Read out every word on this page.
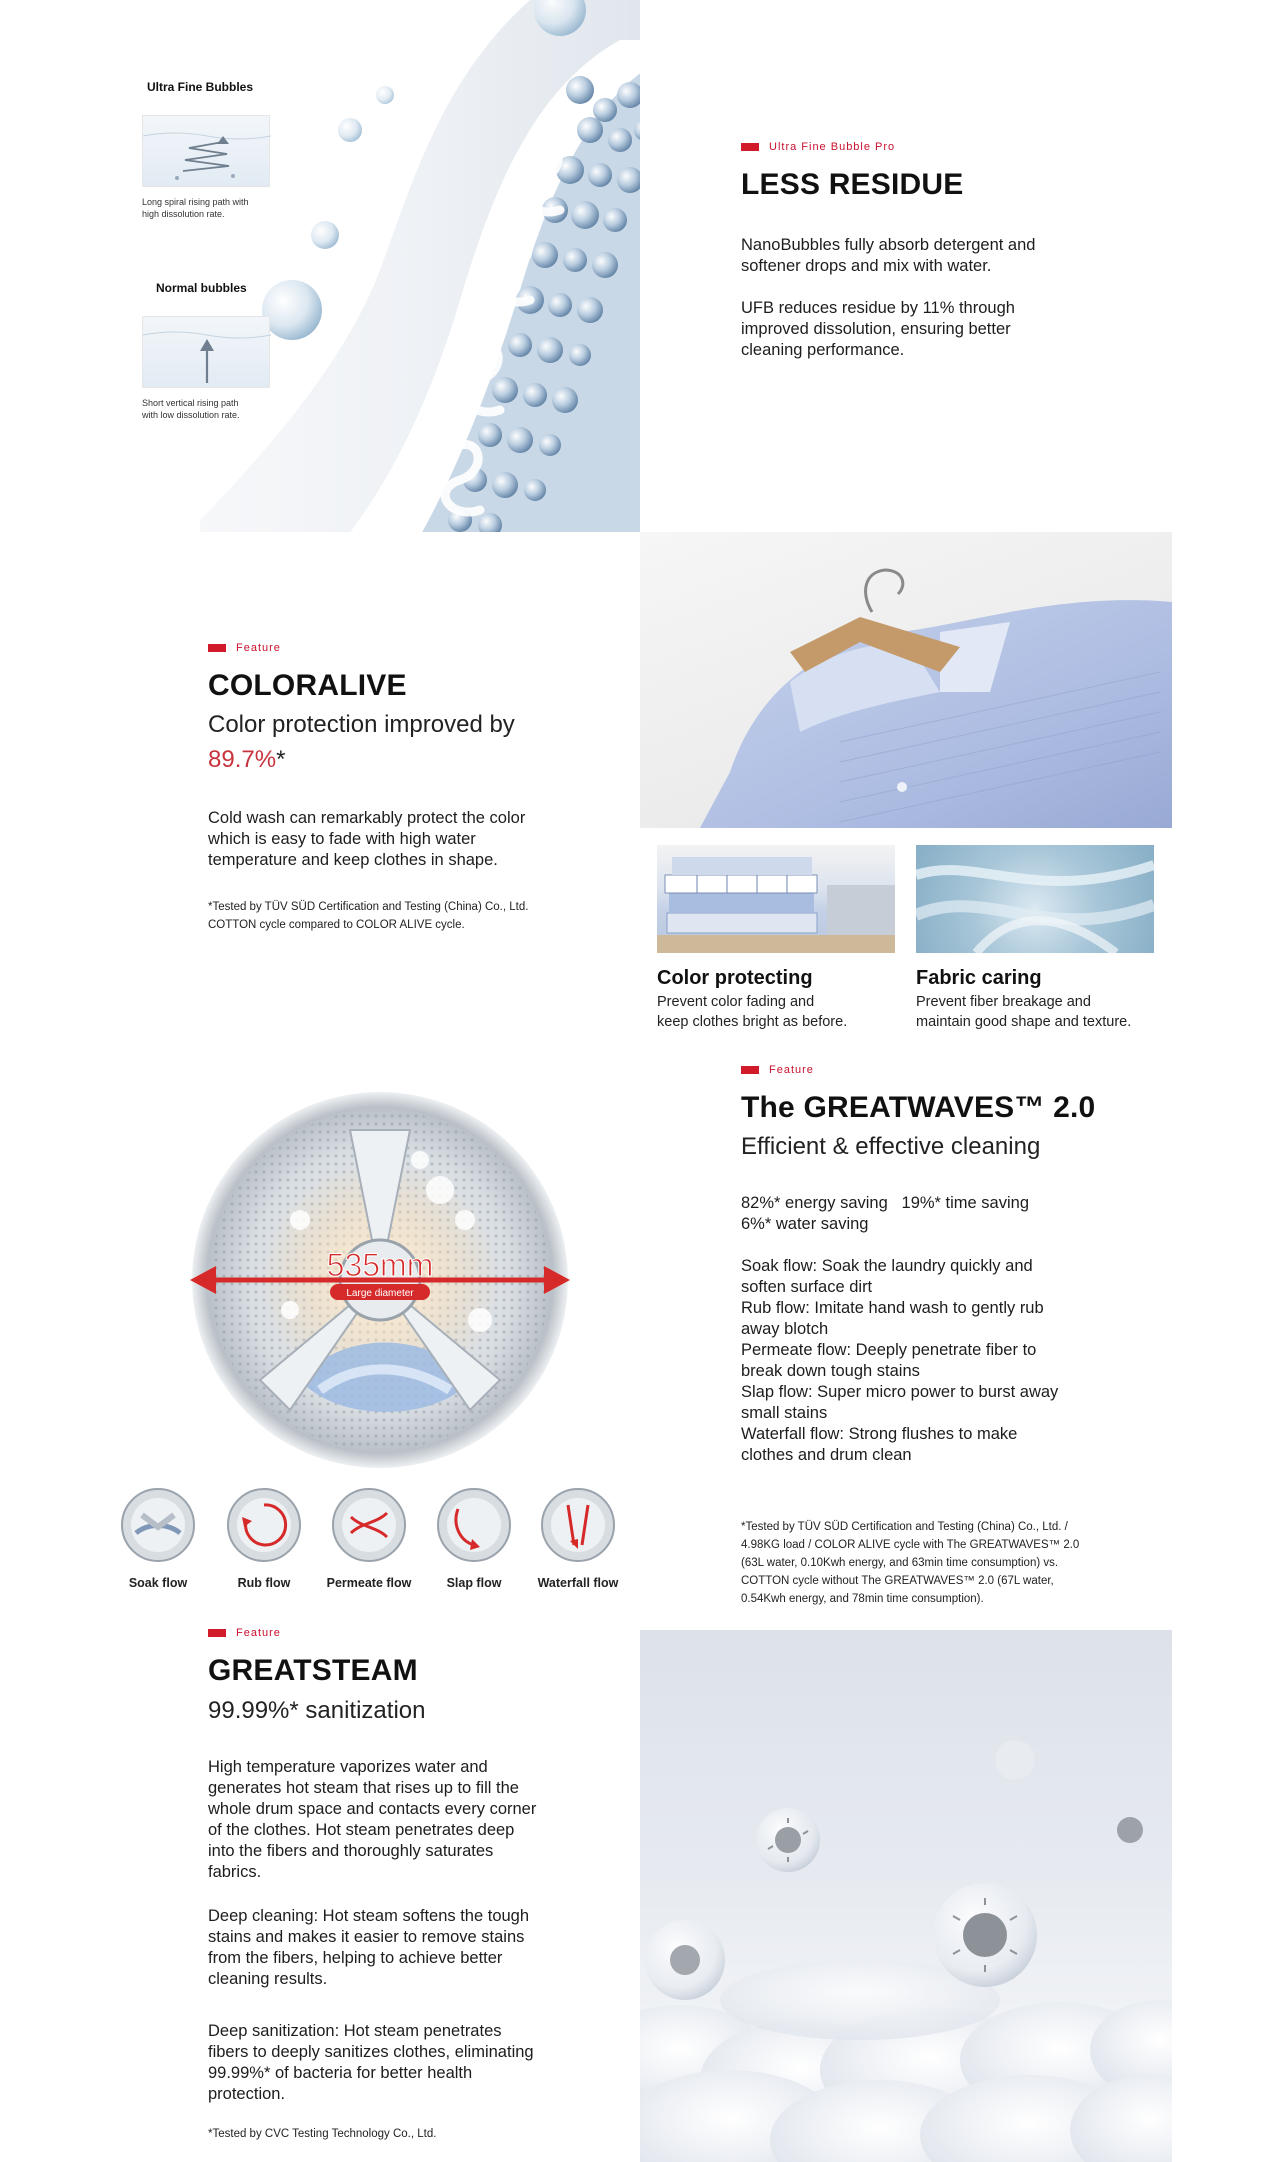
Ultra Fine Bubbles
Long spiral rising path with
high dissolution rate.
Normal bubbles
Short vertical rising path
with low dissolution rate.
Ultra Fine Bubble Pro
LESS RESIDUE
NanoBubbles fully absorb detergent and softener drops and mix with water.
UFB reduces residue by 11% through improved dissolution, ensuring better cleaning performance.
Feature
COLORALIVE
Color protection improved by
89.7%*
Cold wash can remarkably protect the color which is easy to fade with high water temperature and keep clothes in shape.
*Tested by TÜV SÜD Certification and Testing (China) Co., Ltd.
COTTON cycle compared to COLOR ALIVE cycle.
Color protecting
Prevent color fading and
keep clothes bright as before.
Fabric caring
Prevent fiber breakage and
maintain good shape and texture.
535mm
Large diameter
Soak flow	Rub flow	Permeate flow	Slap flow	Waterfall flow
Feature
The GREATWAVES™ 2.0
Efficient & effective cleaning
82%* energy saving   19%* time saving
6%* water saving
Soak flow: Soak the laundry quickly and
soften surface dirt
Rub flow: Imitate hand wash to gently rub
away blotch
Permeate flow: Deeply penetrate fiber to
break down tough stains
Slap flow: Super micro power to burst away
small stains
Waterfall flow: Strong flushes to make
clothes and drum clean
*Tested by TÜV SÜD Certification and Testing (China) Co., Ltd. /
4.98KG load / COLOR ALIVE cycle with The GREATWAVES™ 2.0
(63L water, 0.10Kwh energy, and 63min time consumption) vs.
COTTON cycle without The GREATWAVES™ 2.0 (67L water,
0.54Kwh energy, and 78min time consumption).
Feature
GREATSTEAM
99.99%* sanitization
High temperature vaporizes water and generates hot steam that rises up to fill the whole drum space and contacts every corner of the clothes. Hot steam penetrates deep into the fibers and thoroughly saturates fabrics.
Deep cleaning: Hot steam softens the tough stains and makes it easier to remove stains from the fibers, helping to achieve better cleaning results.
Deep sanitization: Hot steam penetrates fibers to deeply sanitizes clothes, eliminating 99.99%* of bacteria for better health protection.
*Tested by CVC Testing Technology Co., Ltd.
